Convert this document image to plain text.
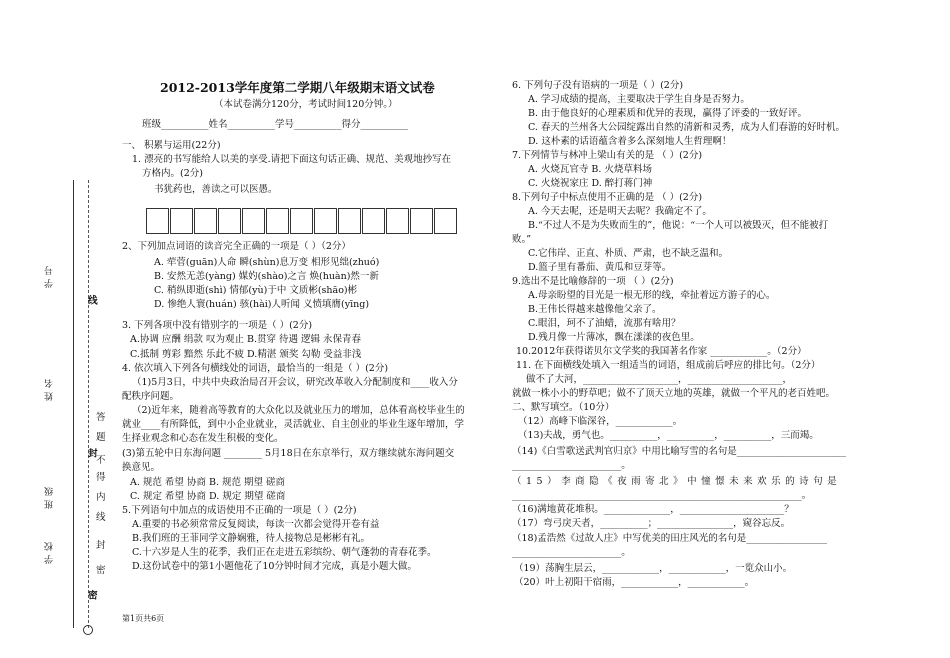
学号
姓名
班级
学校
线
封
密
答
题
不
得
内
线
封
密
2012-2013学年度第二学期八年级期末语文试卷
（本试卷满分120分，考试时间120分钟。）
班级__________姓名__________学号__________得分__________
一、 积累与运用(22分)
1. 漂亮的书写能给人以美的享受.请把下面这句话正确、规范、美观地抄写在
方格内。(2分)
书犹药也，善读之可以医愚。
2、下列加点词语的读音完全正确的一项是（ ）（2分）
A. 荦菅(guān)人命 瞬(shùn)息万变 相形见绌(zhuó)
B. 安然无恙(yàng) 媒妁(shào)之言 焕(huàn)然一新
C. 稍纵即逝(shì) 情郁(yù)于中 文质彬(shāo)彬
D. 惨绝人寰(huán) 骇(hài)人听闻 义愤填膺(yīng)
3. 下列各项中没有错别字的一项是（ ）(2分)
A.协调 应酬 绢款 叹为观止 B.贯穿 待遇 逻辑 永保青春
C.抵制 剪彩 黯然 乐此不疲 D.精湛 颁奖 勾勒 受益非浅
4. 依次填入下列各句横线处的词语，最恰当的一组是（ ）(2分)
（1)5月3日，中共中央政治局召开会议，研究改革收入分配制度和____收入分
配秩序问题。
（2)近年来，随着高等教育的大众化以及就业压力的增加，总体看高校毕业生的
就业____有所降低，到中小企业就业，灵活就业、自主创业的毕业生逐年增加，学
生择业观念和心态在发生积极的变化。
(3)第五轮中日东海问题 ________ 5月18日在东京举行，双方继续就东海问题交
换意见。
A. 规范 希望 协商 B. 规范 期望 磋商
C. 规定 希望 协商 D. 规定 期望 磋商
5.下列语句中加点的成语使用不正确的一项是（ ）(2分)
A.重要的书必须常常反复阅读，每读一次都会觉得开卷有益
B.我们班的王菲同学文静娴雅，待人接物总是彬彬有礼。
C.十六岁是人生的花季，我们正在走进五彩缤纷、朝气蓬勃的青春花季。
D.这份试卷中的第1小题他花了10分钟时间才完成，真是小题大做。
第1页共6页
6. 下列句子没有语病的一项是（ ）(2分)
A. 学习成绩的提高，主要取决于学生自身是否努力。
B. 由于他良好的心理素质和优异的表现，赢得了评委的一致好评。
C. 春天的兰州各大公园绽露出自然的清新和灵秀，成为人们春游的好时机。
D. 这朴素的话语蕴含着多么深刻地人生哲理啊！
7.下列情节与林冲上梁山有关的是 （ ）(2分)
A. 火烧瓦官寺 B. 火烧草料场
C. 火烧祝家庄 D. 醉打蒋门神
8.下列句子中标点使用不正确的是 （ ）(2分)
A. 今天去呢，还是明天去呢？我确定不了。
B.“不过人不是为失败而生的”，他说：“一个人可以被毁灭，但不能被打
败。”
C.它伟岸、正直、朴质、严肃，也不缺乏温和。
D.篮子里有番茄、黄瓜和豆芽等。
9.选出不是比喻修辞的一项 （ ）(2分)
A.母亲盼望的目光是一根无形的线，牵扯着远方游子的心。
B.王伟长得越来越像他父亲了。
C.眼泪，珂不了油蜡，流那有啥用？
D.残月像一片薄冰，飘在漾漾的夜色里。
10.2012年获得诺贝尔文学奖的我国著名作家 ____________。（2分）
11. 在下面横线处填入一组适当的词语，组成前后呼应的排比句。（2分）
做不了大河，____________________，____________________，
就做一株小小的野草吧；做不了顶天立地的英雄，就做一个平凡的老百姓吧。
二、默写填空。（10分）
（12）高峰下临深谷，____________。
（13)夫战，勇气也。__________，__________，__________，三而竭。
（14)《白雪歌送武判官归京》中用比喻写雪的名句是_______________________
_______________________。
（15）李商隐《夜雨寄北》中憧憬未来欢乐的诗句是
_____________________________________________________________。
（16)满地黄花堆积。______________，______________________？
（17）弯弓戾天者，__________；________________，窥谷忘反。
（18)孟浩然《过故人庄》中写优美的田庄风光的名句是_________________
_______________________。
（19）荡胸生层云，____________，____________，一览众山小。
（20）叶上初阳干宿雨，____________，____________。
